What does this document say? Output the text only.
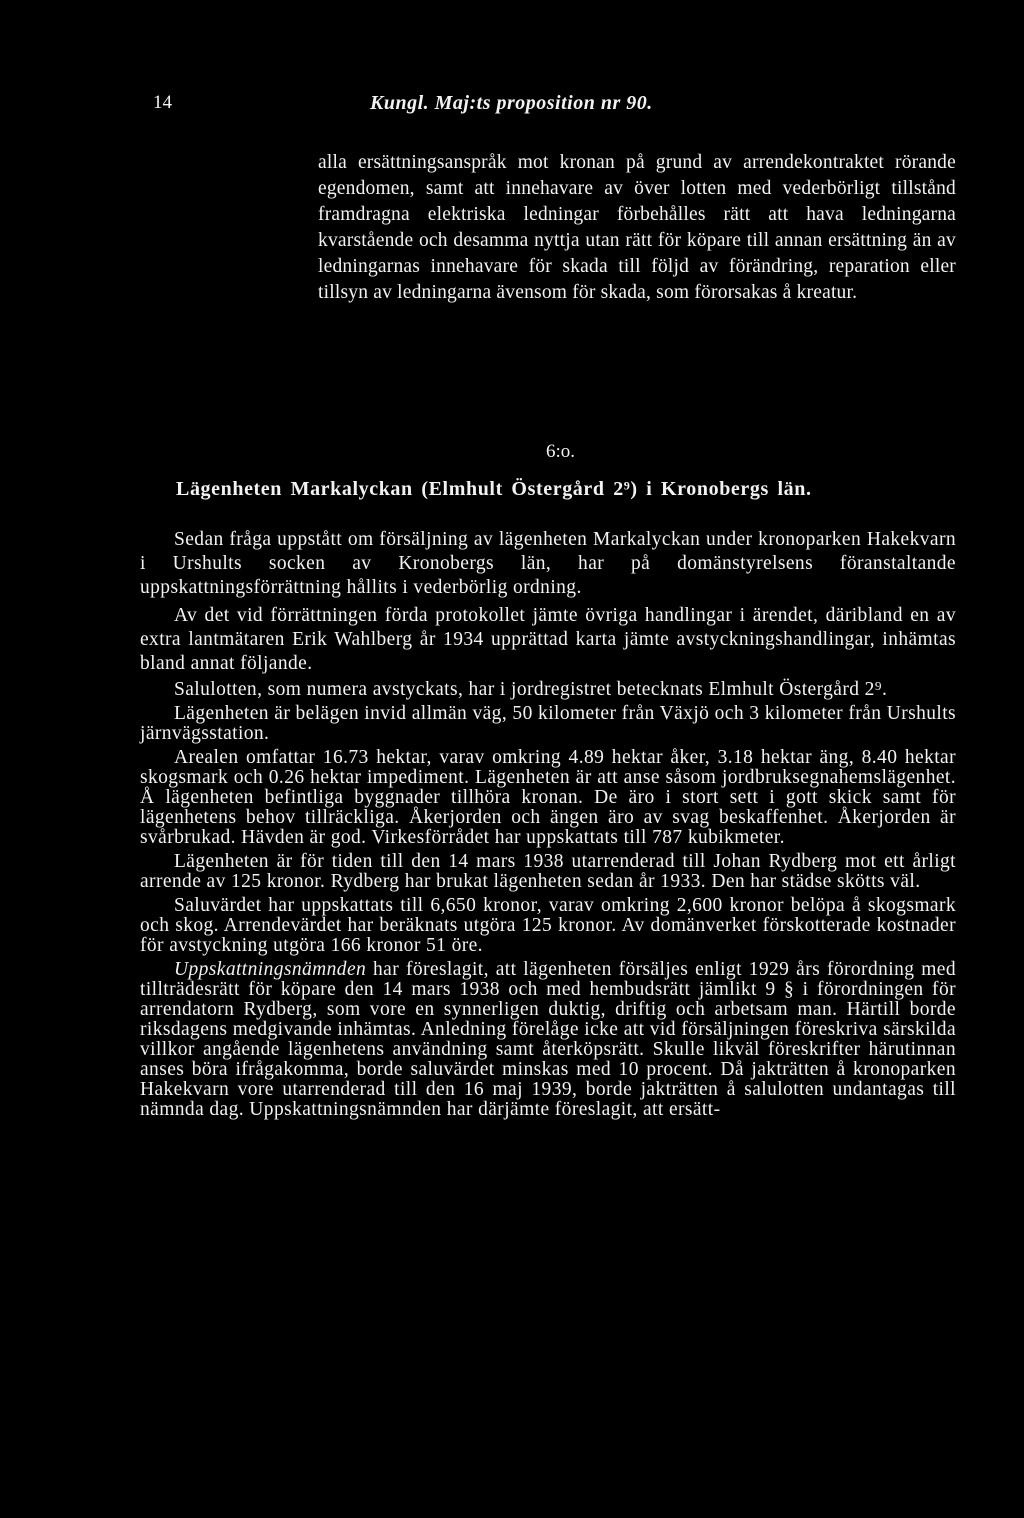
14	Kungl. Maj:ts proposition nr 90.
alla ersättningsanspråk mot kronan på grund av arrendekontraktet rörande egendomen, samt att innehavare av över lotten med vederbörligt tillstånd framdragna elektriska ledningar förbehålles rätt att hava ledningarna kvarstående och desamma nyttja utan rätt för köpare till annan ersättning än av ledningarnas innehavare för skada till följd av förändring, reparation eller tillsyn av ledningarna ävensom för skada, som förorsakas å kreatur.
6:o.
Lägenheten Markalyckan (Elmhult Östergård 2⁹) i Kronobergs län.

Sedan fråga uppstått om försäljning av lägenheten Markalyckan under kronoparken Hakekvarn i Urshults socken av Kronobergs län, har på domänstyrelsens föranstaltande uppskattningsförrättning hållits i vederbörlig ordning.

Av det vid förrättningen förda protokollet jämte övriga handlingar i ärendet, däribland en av extra lantmätaren Erik Wahlberg år 1934 upprättad karta jämte avstyckningshandlingar, inhämtas bland annat följande.

Salulotten, som numera avstyckats, har i jordregistret betecknats Elmhult Östergård 2⁹.

Lägenheten är belägen invid allmän väg, 50 kilometer från Växjö och 3 kilometer från Urshults järnvägsstation.

Arealen omfattar 16.73 hektar, varav omkring 4.89 hektar åker, 3.18 hektar äng, 8.40 hektar skogsmark och 0.26 hektar impediment. Lägenheten är att anse såsom jordbruksegnahemslägenhet. Å lägenheten befintliga byggnader tillhöra kronan. De äro i stort sett i gott skick samt för lägenhetens behov tillräckliga. Åkerjorden och ängen äro av svag beskaffenhet. Åkerjorden är svårbrukad. Hävden är god. Virkesförrådet har uppskattats till 787 kubikmeter.

Lägenheten är för tiden till den 14 mars 1938 utarrenderad till Johan Rydberg mot ett årligt arrende av 125 kronor. Rydberg har brukat lägenheten sedan år 1933. Den har städse skötts väl.

Saluvärdet har uppskattats till 6,650 kronor, varav omkring 2,600 kronor belöpa å skogsmark och skog. Arrendevärdet har beräknats utgöra 125 kronor. Av domänverket förskotterade kostnader för avstyckning utgöra 166 kronor 51 öre.

Uppskattningsnämnden har föreslagit, att lägenheten försäljes enligt 1929 års förordning med tillträdesrätt för köpare den 14 mars 1938 och med hembudsrätt jämlikt 9 § i förordningen för arrendatorn Rydberg, som vore en synnerligen duktig, driftig och arbetsam man. Härtill borde riksdagens medgivande inhämtas. Anledning förelåge icke att vid försäljningen föreskriva särskilda villkor angående lägenhetens användning samt återköpsrätt. Skulle likväl föreskrifter härutinnan anses böra ifrågakomma, borde saluvärdet minskas med 10 procent. Då jakträtten å kronoparken Hakekvarn vore utarrenderad till den 16 maj 1939, borde jakträtten å salulotten undantagas till nämnda dag. Uppskattningsnämnden har därjämte föreslagit, att ersätt-
